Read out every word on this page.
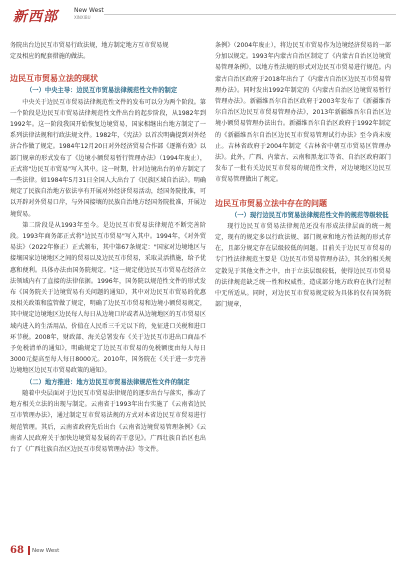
新西部	New West
XINXIBU

务院出台边民互市贸易行政法规，地方制定地方互市贸易规

定及相应的配套措施的做法。

边民互市贸易立法的现状

（一）中央主导：边民互市贸易法律规范性文件的制定

中央关于边民互市贸易法律规范性文件的发布可以分为两个阶段。第一个阶段是边民互市贸易法律规范性文件出台的起步阶段，从1982年到1992年。这一阶段我国开始恢复边境贸易，国家相继出台地方制定了一系列法律法规和行政法规文件。1982年，《宪法》以首次明确提到对外经济合作做了规定。1984年12月20日对外经济贸易合作部《逐渐有效》以部门规章的形式发布了《边境小额贸易暂行管理办法》（1994年废止），正式将"边民互市贸易"写入其中。这一时期，针对边境出台的单方制定了一些法律。如1984年5月31日全国人大出台了《民族区域自治法》。明确规定了民族自治地方依法享有开展对外经济贸易活动，经国务院批准，可以开辟对外贸易口岸，与外国接壤的民族自治地方经国务院批准，开展边境贸易。

第二阶段是从1993年至今。是边民互市贸易法律规范不断完善阶段。1993年商务部正式将"边民互市贸易"写入其中。1994年，《对外贸易法》（2022年修正）正式颁布，其中第67条规定："国家对边境地区与接壤国家边境地区之间的贸易以及边民互市贸易，采取灵活措施，给予优惠和便利。具体办法由国务院规定。"这一规定使边民互市贸易在经济立法领域内有了直接的法律依据。1996年，国务院以规范性文件的形式发布《国务院关于边境贸易有关问题的通知》，其中对边民互市贸易的优惠及相关政策和监管做了规定，明确了边民互市贸易和边境小额贸易规定，其中规定边境地区边民每人每日从边境口岸或者从边境地区的互市贸易区域内进入的生活用品，价值在人民币三千元以下的，免征进口关税和进口环节税。2008年，财政部、海关总署发布《关于边民互市进出口商品不予免税清单的通知》，明确规定了边民互市贸易的免税额度由每人每日3000元提高至每人每日8000元。2010年，国务院在《关于进一步完善边境地区边民互市贸易政策的通知》。

（二）地方推进：地方边民互市贸易法律规范性文件的制定

随着中央层面对于边民互市贸易法律规范的逐步出台与落实，推动了地方相关立法的出现与制定。云南省于1993年出台实施了《云南省边民互市管理办法》，通过制定互市贸易法规的方式对本省边民互市贸易进行规范管理。其后，云南省政府先后出台《云南省边境贸易管理条例》《云南省人民政府关于加快边境贸易发展的若干意见》。广西壮族自治区也出台了《广西壮族自治区边民互市贸易管理办法》等文件。

条例》（2004年废止），将边民互市贸易作为边境经济贸易的一部分加以规定。1993年内蒙古自治区制定了《内蒙古自治区边境贸易管理条例》，以地方性法规的形式对边民互市贸易进行规范。内蒙古自治区政府于2018年出台了《内蒙古自治区边民互市贸易管理办法》。同时发出1992年制定的《内蒙古自治区边境贸易暂行管理办法》。新疆维吾尔自治区政府于2003年发布了《新疆维吾尔自治区边民互市贸易管理办法》，2013年新疆维吾尔自治区边境小额贸易管理办法出台。新疆维吾尔自治区政府于1992年制定的《新疆维吾尔自治区边民互市贸易管理试行办法》至今尚未废止。吉林省政府于2004年制定《吉林省中朝互市贸易区管理办法》。此外，广西、内蒙古、云南和黑龙江等省、自治区政府部门发布了一批有关边民互市贸易的规范性文件，对边境地区边民互市贸易管理做出了规定。

边民互市贸易立法中存在的问题

（一）现行边民互市贸易法律规范性文件的规范等级较低

现行边民互市贸易法律规范还没有形成法律层面的统一规定，现有的规定多以行政法规、部门规章和地方性法规的形式存在，且部分规定存在层级较低的问题。目前关于边民互市贸易的专门性法律规范主要是《边民互市贸易管理办法》，其余的相关规定散见于其他文件之中，由于立法层级较低，使得边民互市贸易的法律规范缺乏统一性和权威性，造成部分地方政府在执行过程中无所适从。同时，对边民互市贸易规定较为具体的仅有国务院部门规章，

68 New West
